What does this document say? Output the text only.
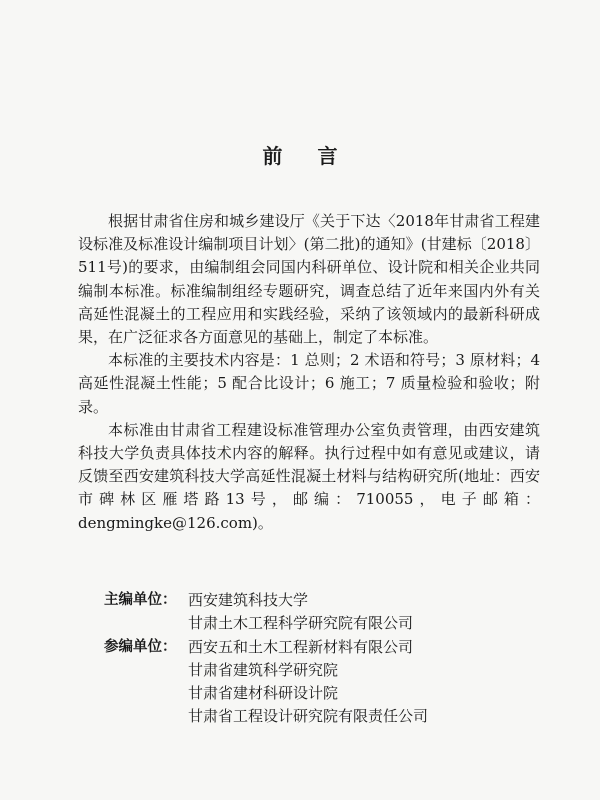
前 言

根据甘肃省住房和城乡建设厅《关于下达〈2018年甘肃省工程建设标准及标准设计编制项目计划〉(第二批)的通知》(甘建标〔2018〕511号)的要求，由编制组会同国内科研单位、设计院和相关企业共同编制本标准。标准编制组经专题研究，调查总结了近年来国内外有关高延性混凝土的工程应用和实践经验，采纳了该领域内的最新科研成果，在广泛征求各方面意见的基础上，制定了本标准。

本标准的主要技术内容是：1 总则；2 术语和符号；3 原材料；4 高延性混凝土性能；5 配合比设计；6 施工；7 质量检验和验收；附录。

本标准由甘肃省工程建设标准管理办公室负责管理，由西安建筑科技大学负责具体技术内容的解释。执行过程中如有意见或建议，请反馈至西安建筑科技大学高延性混凝土材料与结构研究所(地址：西安市碑林区雁塔路13号，邮编：710055，电子邮箱：dengmingke@126.com)。

主编单位： 西安建筑科技大学
甘肃土木工程科学研究院有限公司
参编单位： 西安五和土木工程新材料有限公司
甘肃省建筑科学研究院
甘肃省建材科研设计院
甘肃省工程设计研究院有限责任公司
